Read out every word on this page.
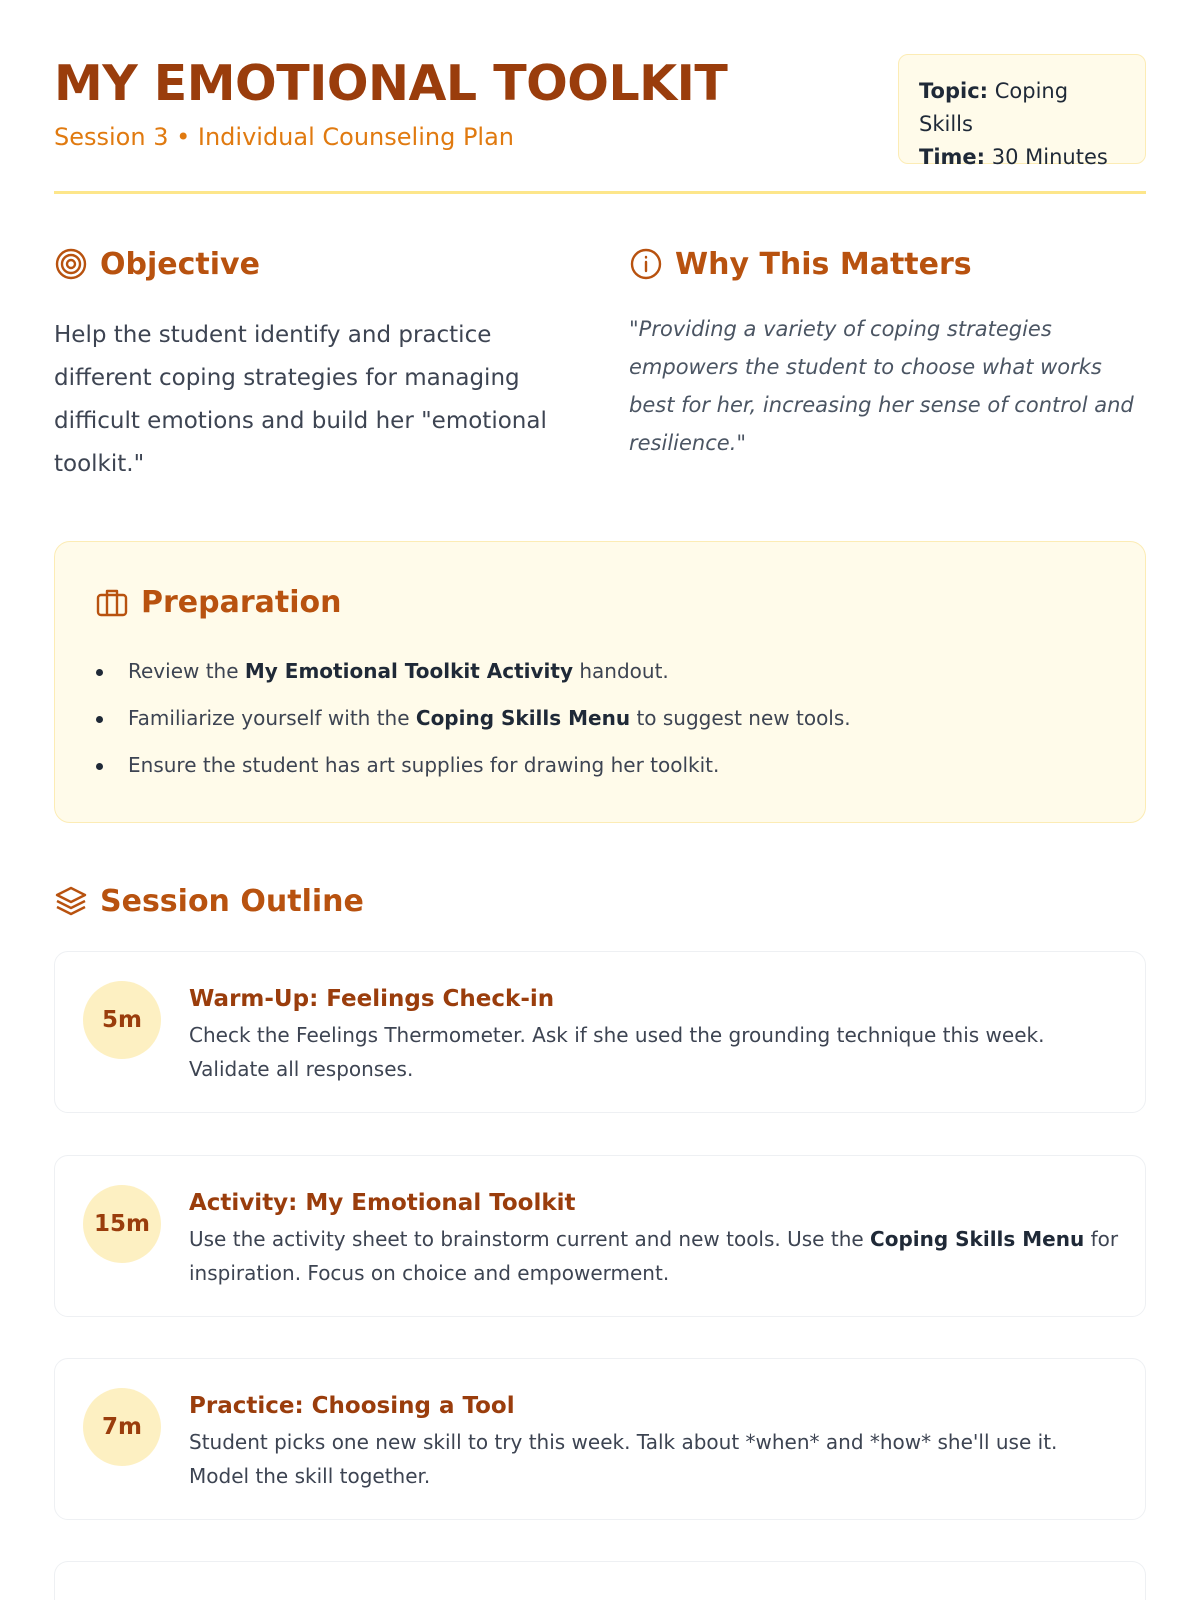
MY EMOTIONAL TOOLKIT
Session 3 • Individual Counseling Plan
Topic: Coping Skills
Time: 30 Minutes
Objective

Help the student identify and practice different coping strategies for managing difficult emotions and build her "emotional toolkit."

Why This Matters

"Providing a variety of coping strategies empowers the student to choose what works best for her, increasing her sense of control and resilience."

Preparation
Review the My Emotional Toolkit Activity handout.
Familiarize yourself with the Coping Skills Menu to suggest new tools.
Ensure the student has art supplies for drawing her toolkit.
Session Outline
5m
Warm-Up: Feelings Check-in

Check the Feelings Thermometer. Ask if she used the grounding technique this week. Validate all responses.

15m
Activity: My Emotional Toolkit

Use the activity sheet to brainstorm current and new tools. Use the Coping Skills Menu for inspiration. Focus on choice and empowerment.

7m
Practice: Choosing a Tool

Student picks one new skill to try this week. Talk about *when* and *how* she'll use it. Model the skill together.
